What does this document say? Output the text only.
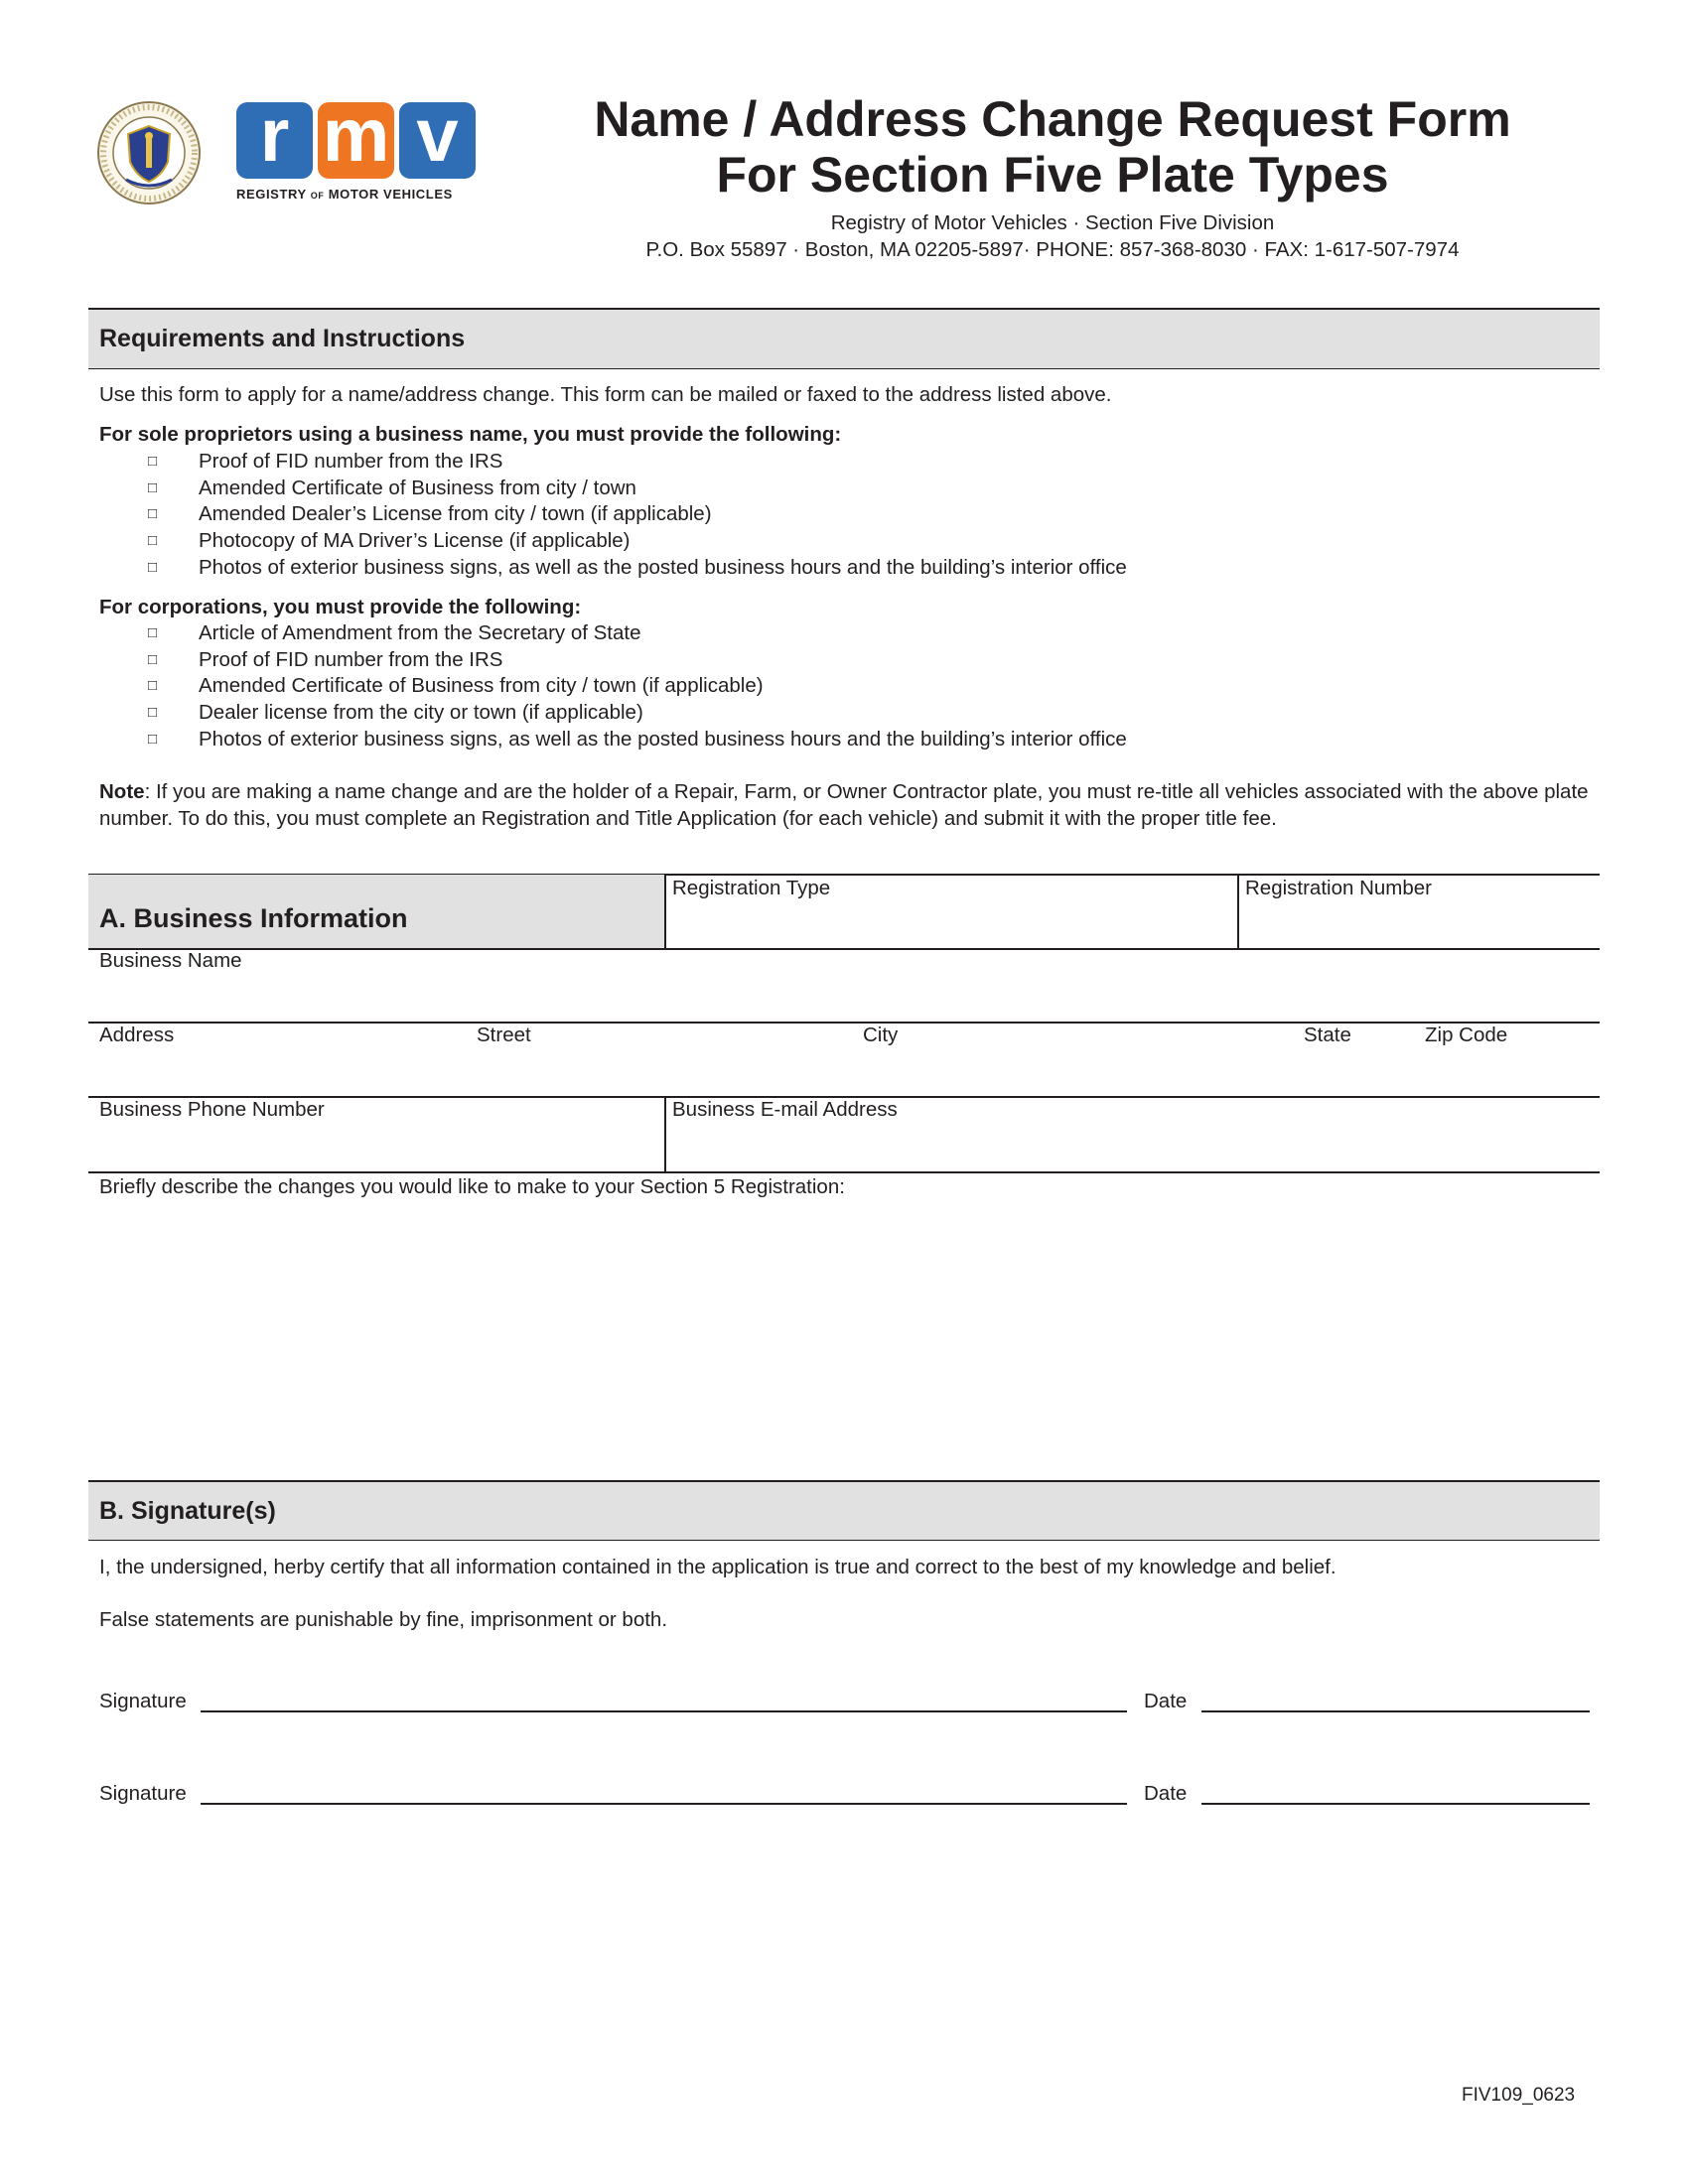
r m v
REGISTRY OF MOTOR VEHICLES
Name / Address Change Request Form
For Section Five Plate Types
Registry of Motor Vehicles · Section Five Division
P.O. Box 55897 · Boston, MA 02205-5897· PHONE: 857-368-8030 · FAX: 1-617-507-7974
Requirements and Instructions
Use this form to apply for a name/address change. This form can be mailed or faxed to the address listed above.
For sole proprietors using a business name, you must provide the following:
□	Proof of FID number from the IRS
□	Amended Certificate of Business from city / town
□	Amended Dealer’s License from city / town (if applicable)
□	Photocopy of MA Driver’s License (if applicable)
□	Photos of exterior business signs, as well as the posted business hours and the building’s interior office
For corporations, you must provide the following:
□	Article of Amendment from the Secretary of State
□	Proof of FID number from the IRS
□	Amended Certificate of Business from city / town (if applicable)
□	Dealer license from the city or town (if applicable)
□	Photos of exterior business signs, as well as the posted business hours and the building’s interior office
Note: If you are making a name change and are the holder of a Repair, Farm, or Owner Contractor plate, you must re-title all vehicles associated with the above plate number. To do this, you must complete an Registration and Title Application (for each vehicle) and submit it with the proper title fee.
A. Business Information
Registration Type	Registration Number
Business Name
Address	Street	City	State	Zip Code
Business Phone Number	Business E-mail Address
Briefly describe the changes you would like to make to your Section 5 Registration:
B. Signature(s)
I, the undersigned, herby certify that all information contained in the application is true and correct to the best of my knowledge and belief.
False statements are punishable by fine, imprisonment or both.
Signature	Date
Signature	Date
FIV109_0623
